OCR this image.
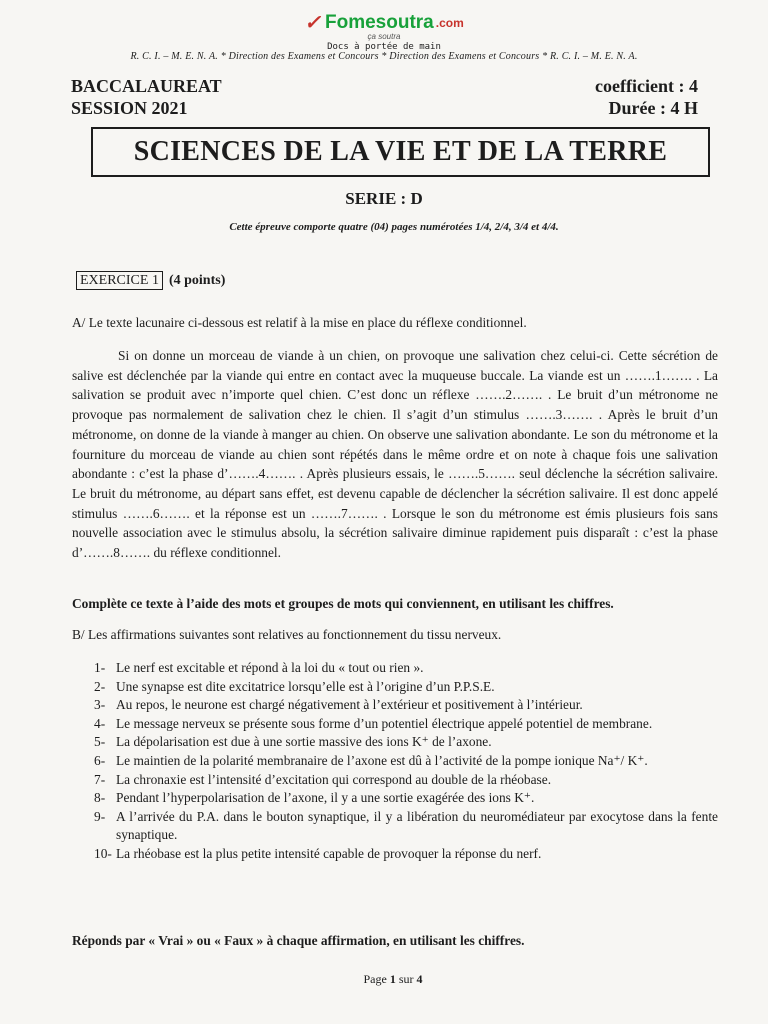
✓ Fomesoutra .com
ça soutra
Docs à portée de main
R. C. I. – M. E. N. A. * Direction des Examens et Concours * Direction des Examens et Concours * R. C. I. – M. E. N. A.
BACCALAUREAT
SESSION 2021
coefficient : 4
Durée : 4 H
SCIENCES DE LA VIE ET DE LA TERRE
SERIE : D
Cette épreuve comporte quatre (04) pages numérotées 1/4, 2/4, 3/4 et 4/4.
EXERCICE 1 (4 points)
A/ Le texte lacunaire ci-dessous est relatif à la mise en place du réflexe conditionnel.
Si on donne un morceau de viande à un chien, on provoque une salivation chez celui-ci. Cette sécrétion de salive est déclenchée par la viande qui entre en contact avec la muqueuse buccale. La viande est un …….1……. . La salivation se produit avec n’importe quel chien. C’est donc un réflexe …….2……. . Le bruit d’un métronome ne provoque pas normalement de salivation chez le chien. Il s’agit d’un stimulus …….3……. . Après le bruit d’un métronome, on donne de la viande à manger au chien. On observe une salivation abondante. Le son du métronome et la fourniture du morceau de viande au chien sont répétés dans le même ordre et on note à chaque fois une salivation abondante : c’est la phase d’…….4……. . Après plusieurs essais, le …….5……. seul déclenche la sécrétion salivaire. Le bruit du métronome, au départ sans effet, est devenu capable de déclencher la sécrétion salivaire. Il est donc appelé stimulus …….6……. et la réponse est un …….7……. . Lorsque le son du métronome est émis plusieurs fois sans nouvelle association avec le stimulus absolu, la sécrétion salivaire diminue rapidement puis disparaît : c’est la phase d’…….8……. du réflexe conditionnel.
Complète ce texte à l’aide des mots et groupes de mots qui conviennent, en utilisant les chiffres.
B/ Les affirmations suivantes sont relatives au fonctionnement du tissu nerveux.
1- Le nerf est excitable et répond à la loi du « tout ou rien ».
2- Une synapse est dite excitatrice lorsqu’elle est à l’origine d’un P.P.S.E.
3- Au repos, le neurone est chargé négativement à l’extérieur et positivement à l’intérieur.
4- Le message nerveux se présente sous forme d’un potentiel électrique appelé potentiel de membrane.
5- La dépolarisation est due à une sortie massive des ions K⁺ de l’axone.
6- Le maintien de la polarité membranaire de l’axone est dû à l’activité de la pompe ionique Na⁺/ K⁺.
7- La chronaxie est l’intensité d’excitation qui correspond au double de la rhéobase.
8- Pendant l’hyperpolarisation de l’axone, il y a une sortie exagérée des ions K⁺.
9- A l’arrivée du P.A. dans le bouton synaptique, il y a libération du neuromédiateur par exocytose dans la fente synaptique.
10- La rhéobase est la plus petite intensité capable de provoquer la réponse du nerf.
Réponds par « Vrai » ou « Faux » à chaque affirmation, en utilisant les chiffres.
Page 1 sur 4
